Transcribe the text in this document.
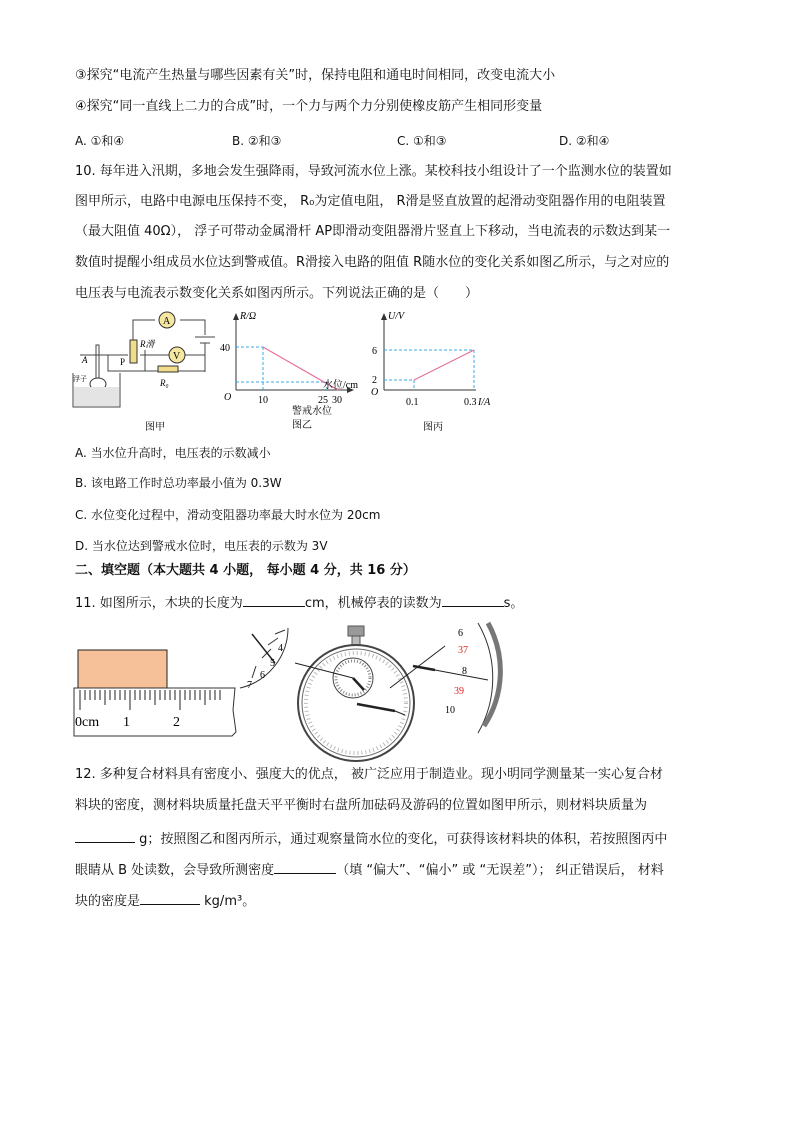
③探究“电流产生热量与哪些因素有关”时，保持电阻和通电时间相同，改变电流大小
④探究“同一直线上二力的合成”时，一个力与两个力分别使橡皮筋产生相同形变量
A. ①和④	B. ②和③	C. ①和③	D. ②和④
10. 每年进入汛期，多地会发生强降雨，导致河流水位上涨。某校科技小组设计了一个监测水位的装置如
图甲所示，电路中电源电压保持不变， R₀为定值电阻， R滑是竖直放置的起滑动变阻器作用的电阻装置
（最大阻值 40Ω）， 浮子可带动金属滑杆 AP即滑动变阻器滑片竖直上下移动，当电流表的示数达到某一
数值时提醒小组成员水位达到警戒值。R滑接入电路的阻值 R随水位的变化关系如图乙所示，与之对应的
电压表与电流表示数变化关系如图丙所示。下列说法正确的是（　　）
A
V
R滑
R₀
A	P
浮子
图甲
R/Ω
40
O	10	25 30
水位/cm
警戒水位
图乙
U/V
6
2
O
0.1	0.3 I/A
图丙
A. 当水位升高时，电压表的示数减小
B. 该电路工作时总功率最小值为 0.3W
C. 水位变化过程中，滑动变阻器功率最大时水位为 20cm
D. 当水位达到警戒水位时，电压表的示数为 3V
二、填空题（本大题共 4 小题， 每小题 4 分，共 16 分）
11. 如图所示，木块的长度为	cm，机械停表的读数为	s。
0cm 1	2
4
5
6
7
6
37
8
39
10
12. 多种复合材料具有密度小、强度大的优点， 被广泛应用于制造业。现小明同学测量某一实心复合材
料块的密度，测材料块质量托盘天平平衡时右盘所加砝码及游码的位置如图甲所示，则材料块质量为
g；按照图乙和图丙所示，通过观察量筒水位的变化，可获得该材料块的体积，若按照图丙中
眼睛从 B 处读数，会导致所测密度	（填 “偏大”、“偏小” 或 “无误差”）； 纠正错误后， 材料
块的密度是	kg/m³。
